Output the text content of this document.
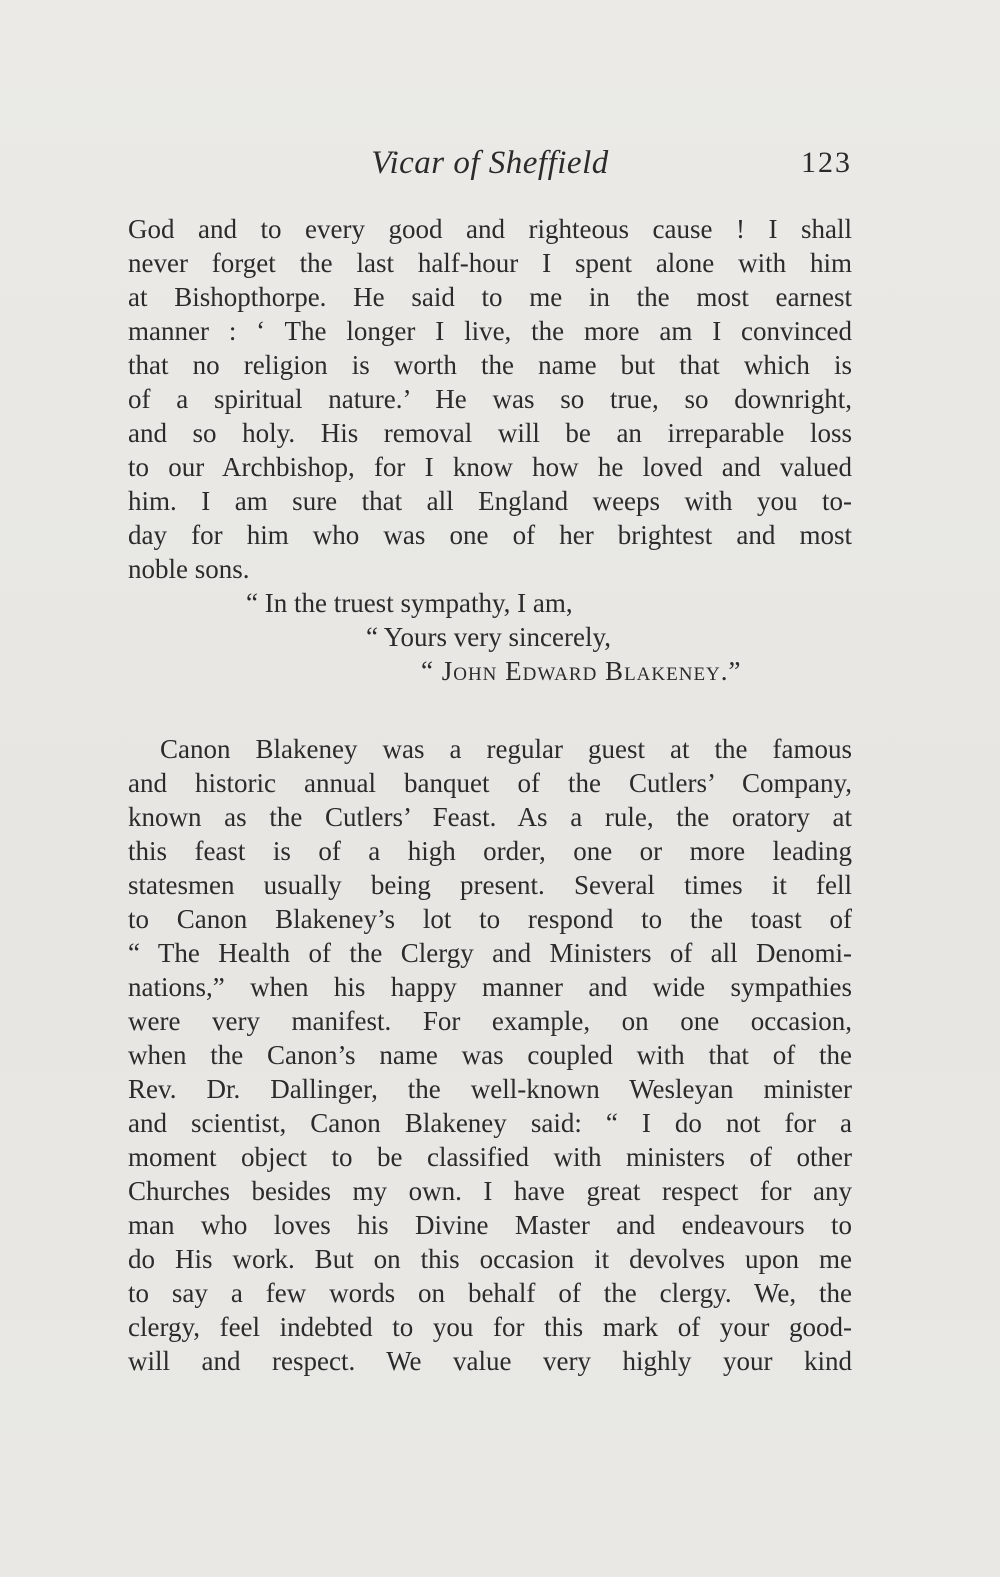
Vicar of Sheffield	123
God and to every good and righteous cause ! I shall
never forget the last half-hour I spent alone with him
at Bishopthorpe. He said to me in the most earnest
manner : ‘ The longer I live, the more am I convinced
that no religion is worth the name but that which is
of a spiritual nature.’ He was so true, so downright,
and so holy. His removal will be an irreparable loss
to our Archbishop, for I know how he loved and valued
him. I am sure that all England weeps with you to-
day for him who was one of her brightest and most
noble sons.
“ In the truest sympathy, I am,
“ Yours very sincerely,
“ John Edward Blakeney.”
Canon Blakeney was a regular guest at the famous
and historic annual banquet of the Cutlers’ Company,
known as the Cutlers’ Feast. As a rule, the oratory at
this feast is of a high order, one or more leading
statesmen usually being present. Several times it fell
to Canon Blakeney’s lot to respond to the toast of
“ The Health of the Clergy and Ministers of all Denomi-
nations,” when his happy manner and wide sympathies
were very manifest. For example, on one occasion,
when the Canon’s name was coupled with that of the
Rev. Dr. Dallinger, the well-known Wesleyan minister
and scientist, Canon Blakeney said: “ I do not for a
moment object to be classified with ministers of other
Churches besides my own. I have great respect for any
man who loves his Divine Master and endeavours to
do His work. But on this occasion it devolves upon me
to say a few words on behalf of the clergy. We, the
clergy, feel indebted to you for this mark of your good-
will and respect. We value very highly your kind
